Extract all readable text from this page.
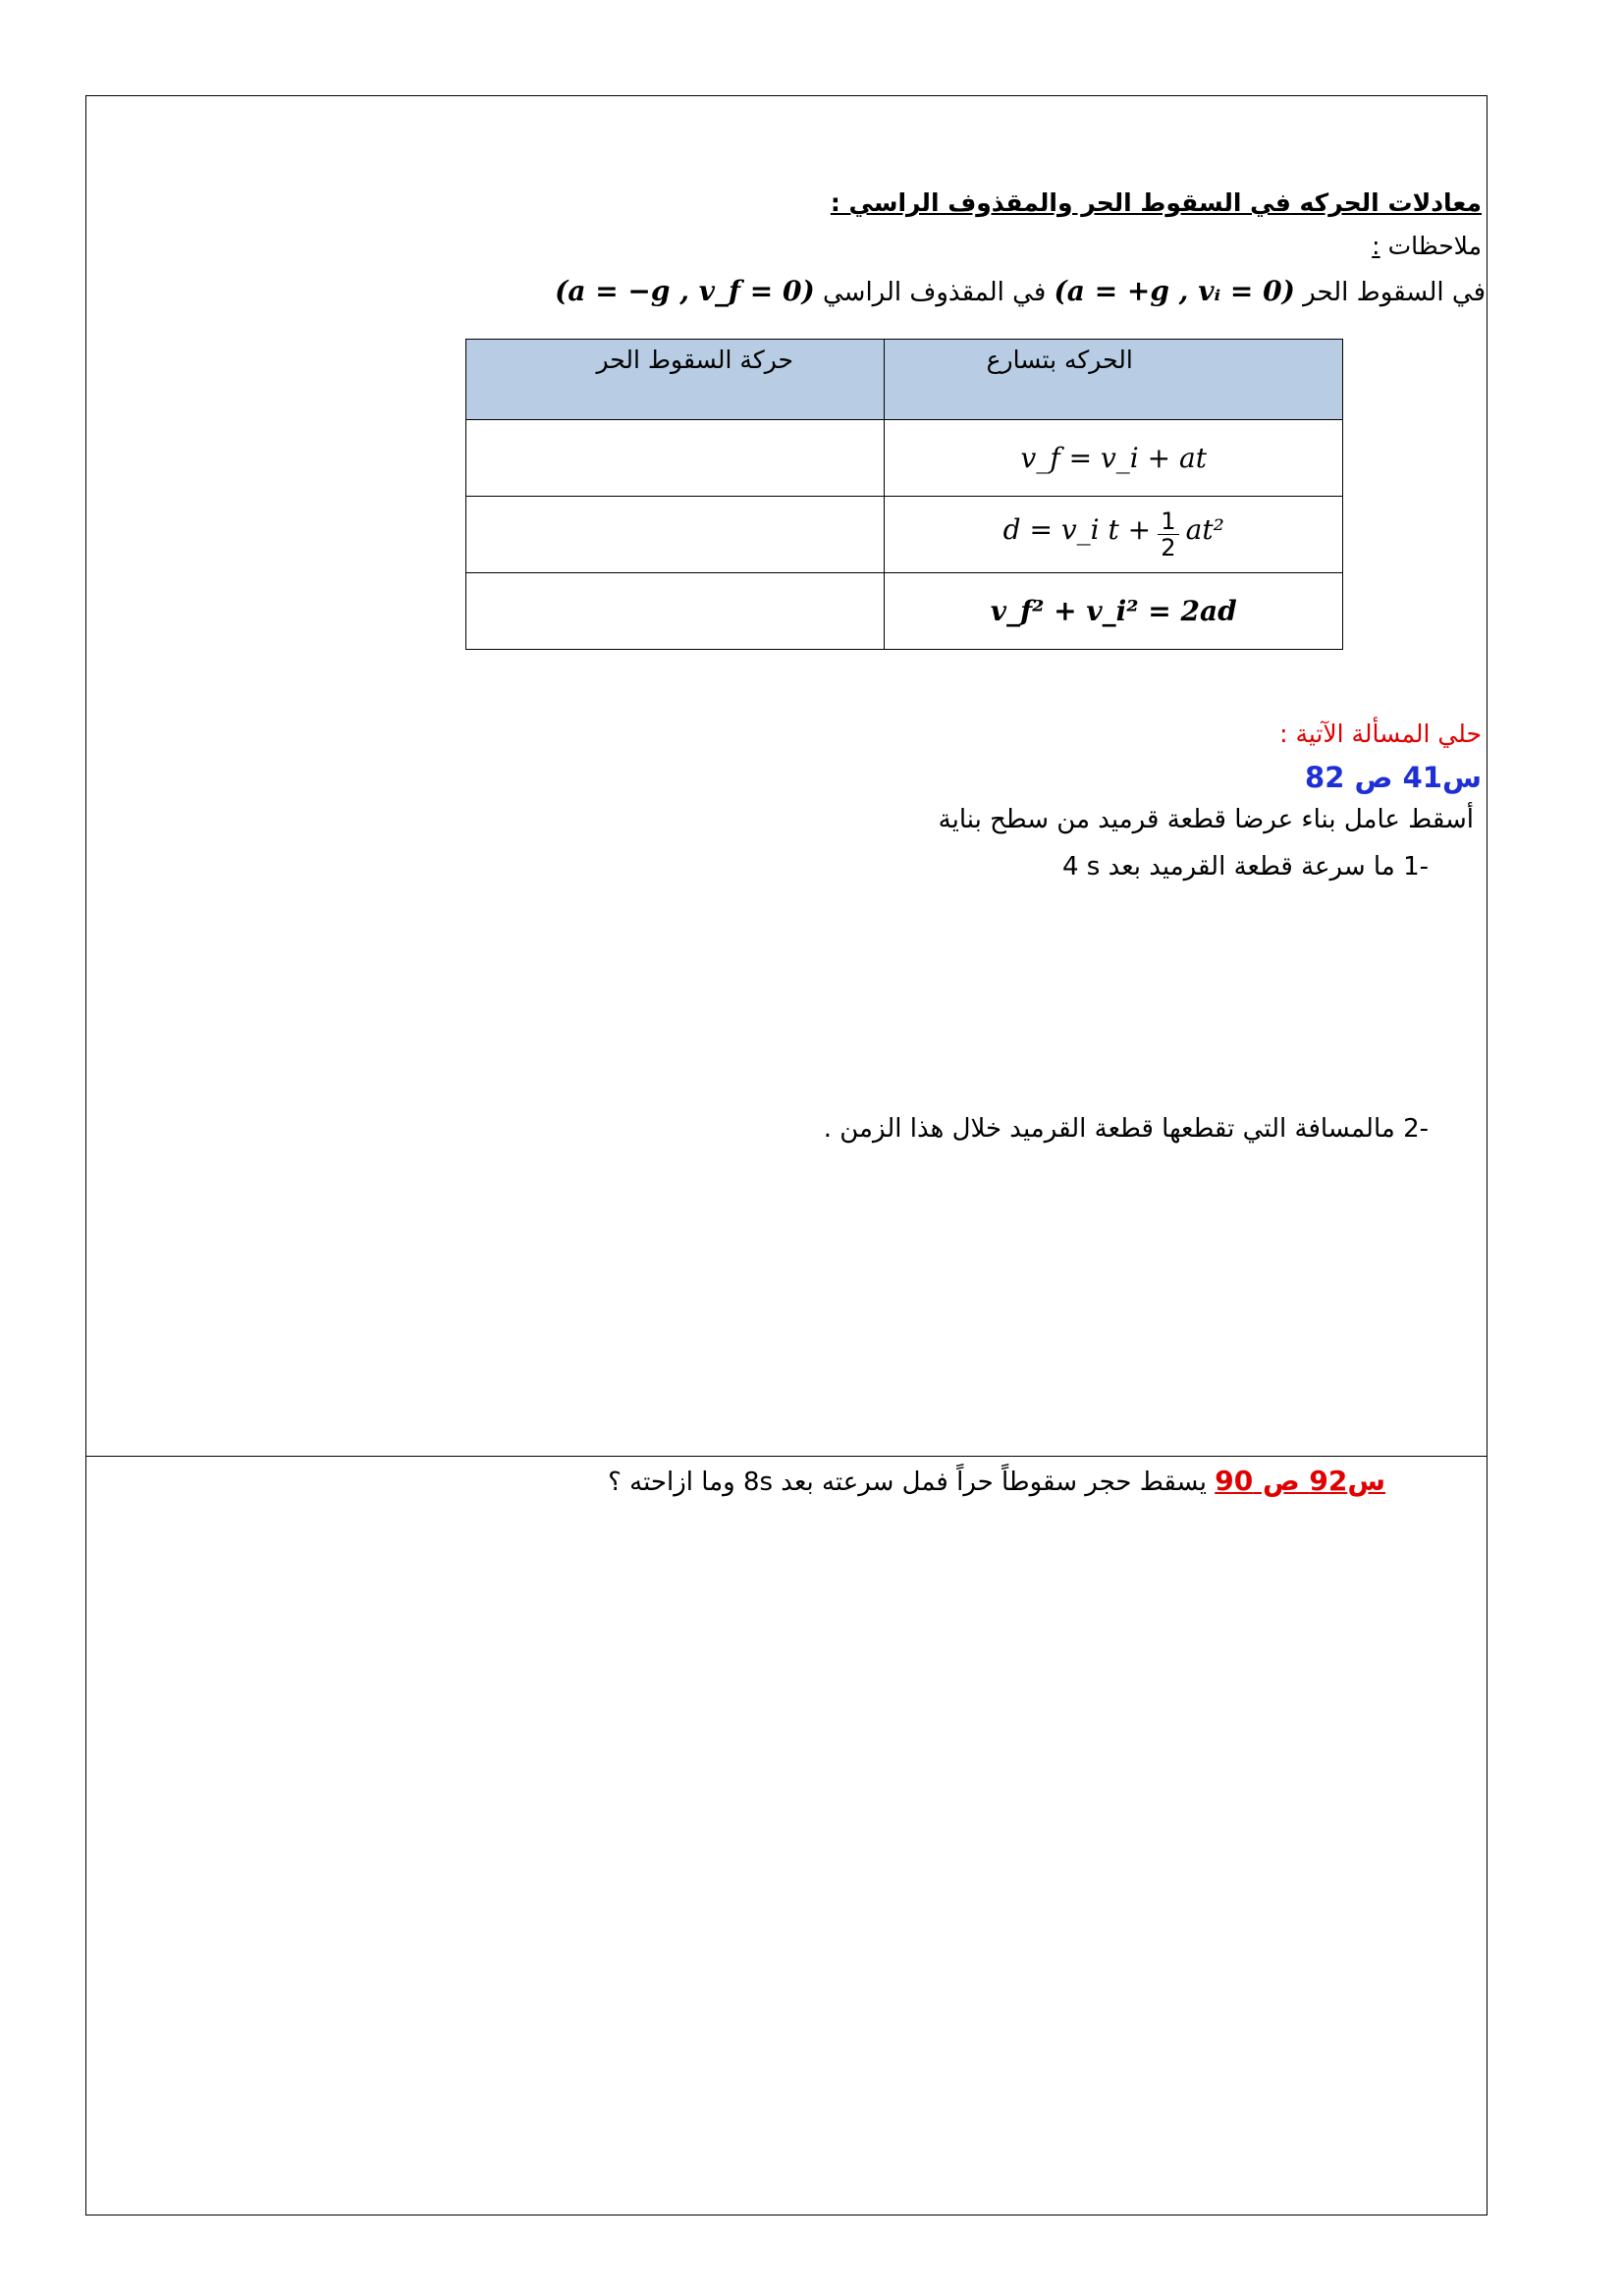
معادلات الحركه في السقوط الحر والمقذوف الراسي :
ملاحظات :
في السقوط الحر (vᵢ = 0 , a = +g) في المقذوف الراسي (v_f = 0 , a = −g)
الحركه بتسارع	حركة السقوط الحر
v_f = v_i + at	
d = v_i $t + \frac{1}{2} at^2$	
v_f² + v_i² = 2ad	
حلي المسألة الآتية :
س41 ص 82
أسقط عامل بناء عرضا قطعة قرميد من سطح بناية
-1 ما سرعة قطعة القرميد بعد 4 s
-2 مالمسافة التي تقطعها قطعة القرميد خلال هذا الزمن .
س92 ص 90 يسقط حجر سقوطاً حراً فمل سرعته بعد 8s وما ازاحته ؟
